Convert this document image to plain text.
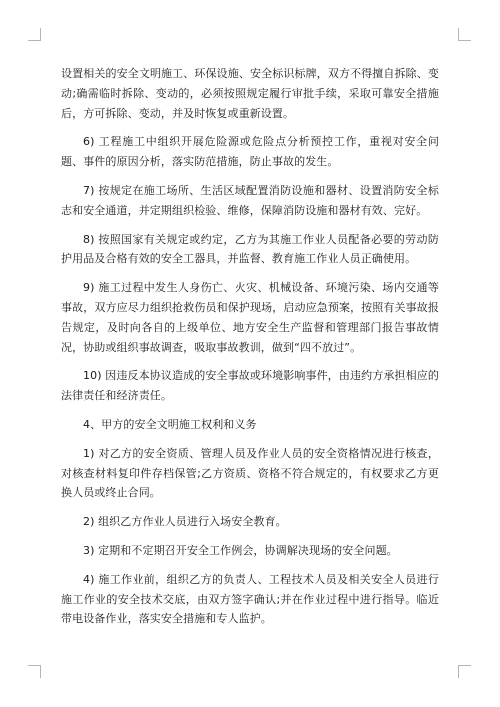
设置相关的安全文明施工、环保设施、安全标识标牌，双方不得擅自拆除、变动;确需临时拆除、变动的，必须按照规定履行审批手续，采取可靠安全措施后，方可拆除、变动，并及时恢复或重新设置。

6) 工程施工中组织开展危险源或危险点分析预控工作，重视对安全问题、事件的原因分析，落实防范措施，防止事故的发生。

7) 按规定在施工场所、生活区域配置消防设施和器材、设置消防安全标志和安全通道，并定期组织检验、维修，保障消防设施和器材有效、完好。

8) 按照国家有关规定或约定，乙方为其施工作业人员配备必要的劳动防护用品及合格有效的安全工器具，并监督、教育施工作业人员正确使用。

9) 施工过程中发生人身伤亡、火灾、机械设备、环境污染、场内交通等事故，双方应尽力组织抢救伤员和保护现场，启动应急预案，按照有关事故报告规定，及时向各自的上级单位、地方安全生产监督和管理部门报告事故情况，协助或组织事故调查，吸取事故教训，做到“四不放过”。

10) 因违反本协议造成的安全事故或环境影响事件，由违约方承担相应的法律责任和经济责任。

4、甲方的安全文明施工权利和义务

1) 对乙方的安全资质、管理人员及作业人员的安全资格情况进行核查，对核查材料复印件存档保管;乙方资质、资格不符合规定的，有权要求乙方更换人员或终止合同。

2) 组织乙方作业人员进行入场安全教育。

3) 定期和不定期召开安全工作例会，协调解决现场的安全问题。

4) 施工作业前，组织乙方的负责人、工程技术人员及相关安全人员进行施工作业的安全技术交底，由双方签字确认;并在作业过程中进行指导。临近带电设备作业，落实安全措施和专人监护。
